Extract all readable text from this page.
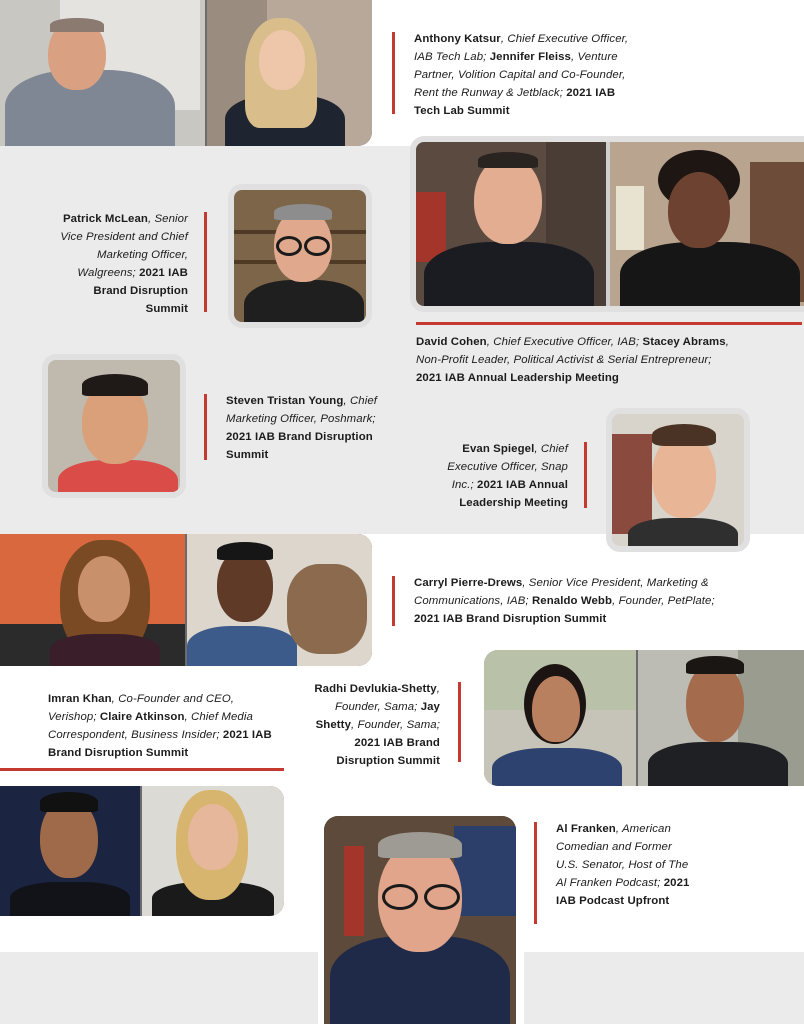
Anthony Katsur, Chief Executive Officer, IAB Tech Lab; Jennifer Fleiss, Venture Partner, Volition Capital and Co-Founder, Rent the Runway & Jetblack; 2021 IAB Tech Lab Summit
Patrick McLean, Senior Vice President and Chief Marketing Officer, Walgreens; 2021 IAB Brand Disruption Summit
David Cohen, Chief Executive Officer, IAB; Stacey Abrams, Non-Profit Leader, Political Activist & Serial Entrepreneur; 2021 IAB Annual Leadership Meeting
Steven Tristan Young, Chief Marketing Officer, Poshmark; 2021 IAB Brand Disruption Summit	Evan Spiegel, Chief Executive Officer, Snap Inc.; 2021 IAB Annual Leadership Meeting
Carryl Pierre-Drews, Senior Vice President, Marketing & Communications, IAB; Renaldo Webb, Founder, PetPlate; 2021 IAB Brand Disruption Summit
Imran Khan, Co-Founder and CEO, Verishop; Claire Atkinson, Chief Media Correspondent, Business Insider; 2021 IAB Brand Disruption Summit
Radhi Devlukia-Shetty, Founder, Sama; Jay Shetty, Founder, Sama; 2021 IAB Brand Disruption Summit
Al Franken, American Comedian and Former U.S. Senator, Host of The Al Franken Podcast; 2021 IAB Podcast Upfront
